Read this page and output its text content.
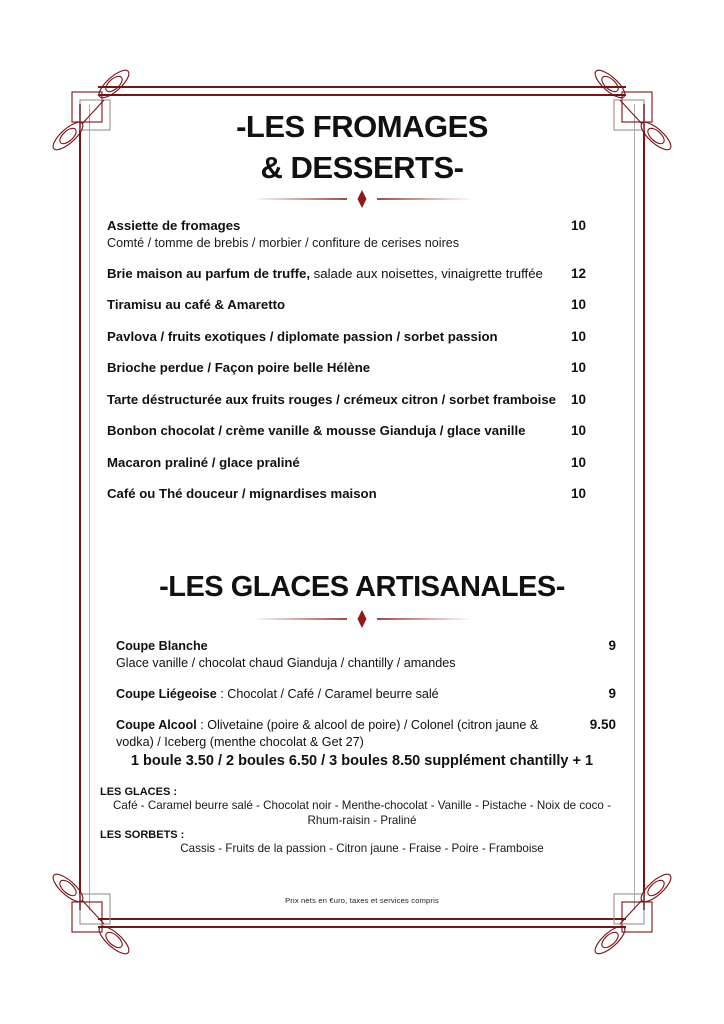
-LES FROMAGES
& DESSERTS-
Assiette de fromages
Comté / tomme de brebis / morbier / confiture de cerises noires
10
Brie maison au parfum de truffe, salade aux noisettes, vinaigrette truffée	12
Tiramisu au café & Amaretto	10
Pavlova / fruits exotiques / diplomate passion / sorbet passion	10
Brioche perdue / Façon poire belle Hélène	10
Tarte déstructurée aux fruits rouges / crémeux citron / sorbet framboise	10
Bonbon chocolat / crème vanille & mousse Gianduja / glace vanille	10
Macaron praliné / glace praliné	10
Café ou Thé douceur / mignardises maison	10
-LES GLACES ARTISANALES-
Coupe Blanche
Glace vanille / chocolat chaud Gianduja / chantilly / amandes
9
Coupe Liégeoise : Chocolat / Café / Caramel beurre salé	9
Coupe Alcool : Olivetaine (poire & alcool de poire) / Colonel (citron jaune & vodka) / Iceberg (menthe chocolat & Get 27)
9.50
1 boule 3.50 / 2 boules 6.50 / 3 boules 8.50 supplément chantilly + 1
LES GLACES :
Café - Caramel beurre salé - Chocolat noir - Menthe-chocolat - Vanille - Pistache - Noix de coco - Rhum-raisin - Praliné
LES SORBETS :
Cassis - Fruits de la passion - Citron jaune - Fraise - Poire - Framboise
Prix nets en €uro, taxes et services compris
